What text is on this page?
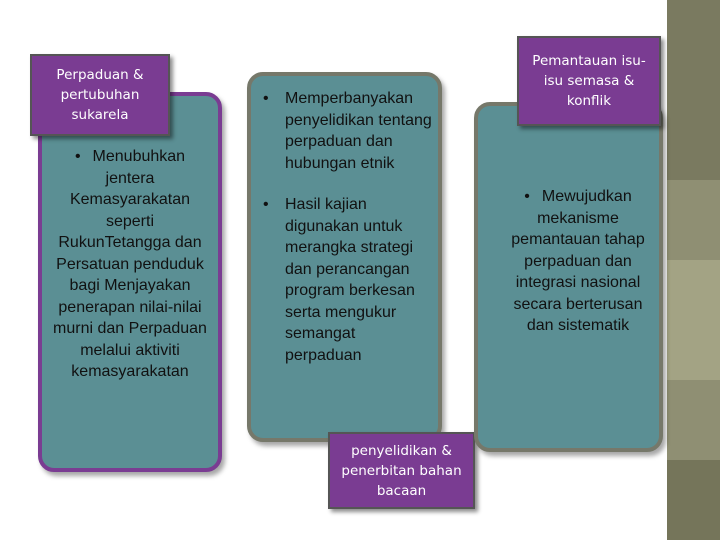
Perpaduan & pertubuhan sukarela
• Menubuhkan jentera Kemasyarakatan seperti RukunTetangga dan Persatuan penduduk bagi Menjayakan penerapan nilai-nilai murni dan Perpaduan melalui aktiviti kemasyarakatan
• Memperbanyakan penyelidikan tentang perpaduan dan hubungan etnik
• Hasil kajian digunakan untuk merangka strategi dan perancangan program berkesan serta mengukur semangat perpaduan
penyelidikan & penerbitan bahan bacaan
Pemantauan isu-isu semasa & konflik
• Mewujudkan mekanisme pemantauan tahap perpaduan dan integrasi nasional secara berterusan dan sistematik
